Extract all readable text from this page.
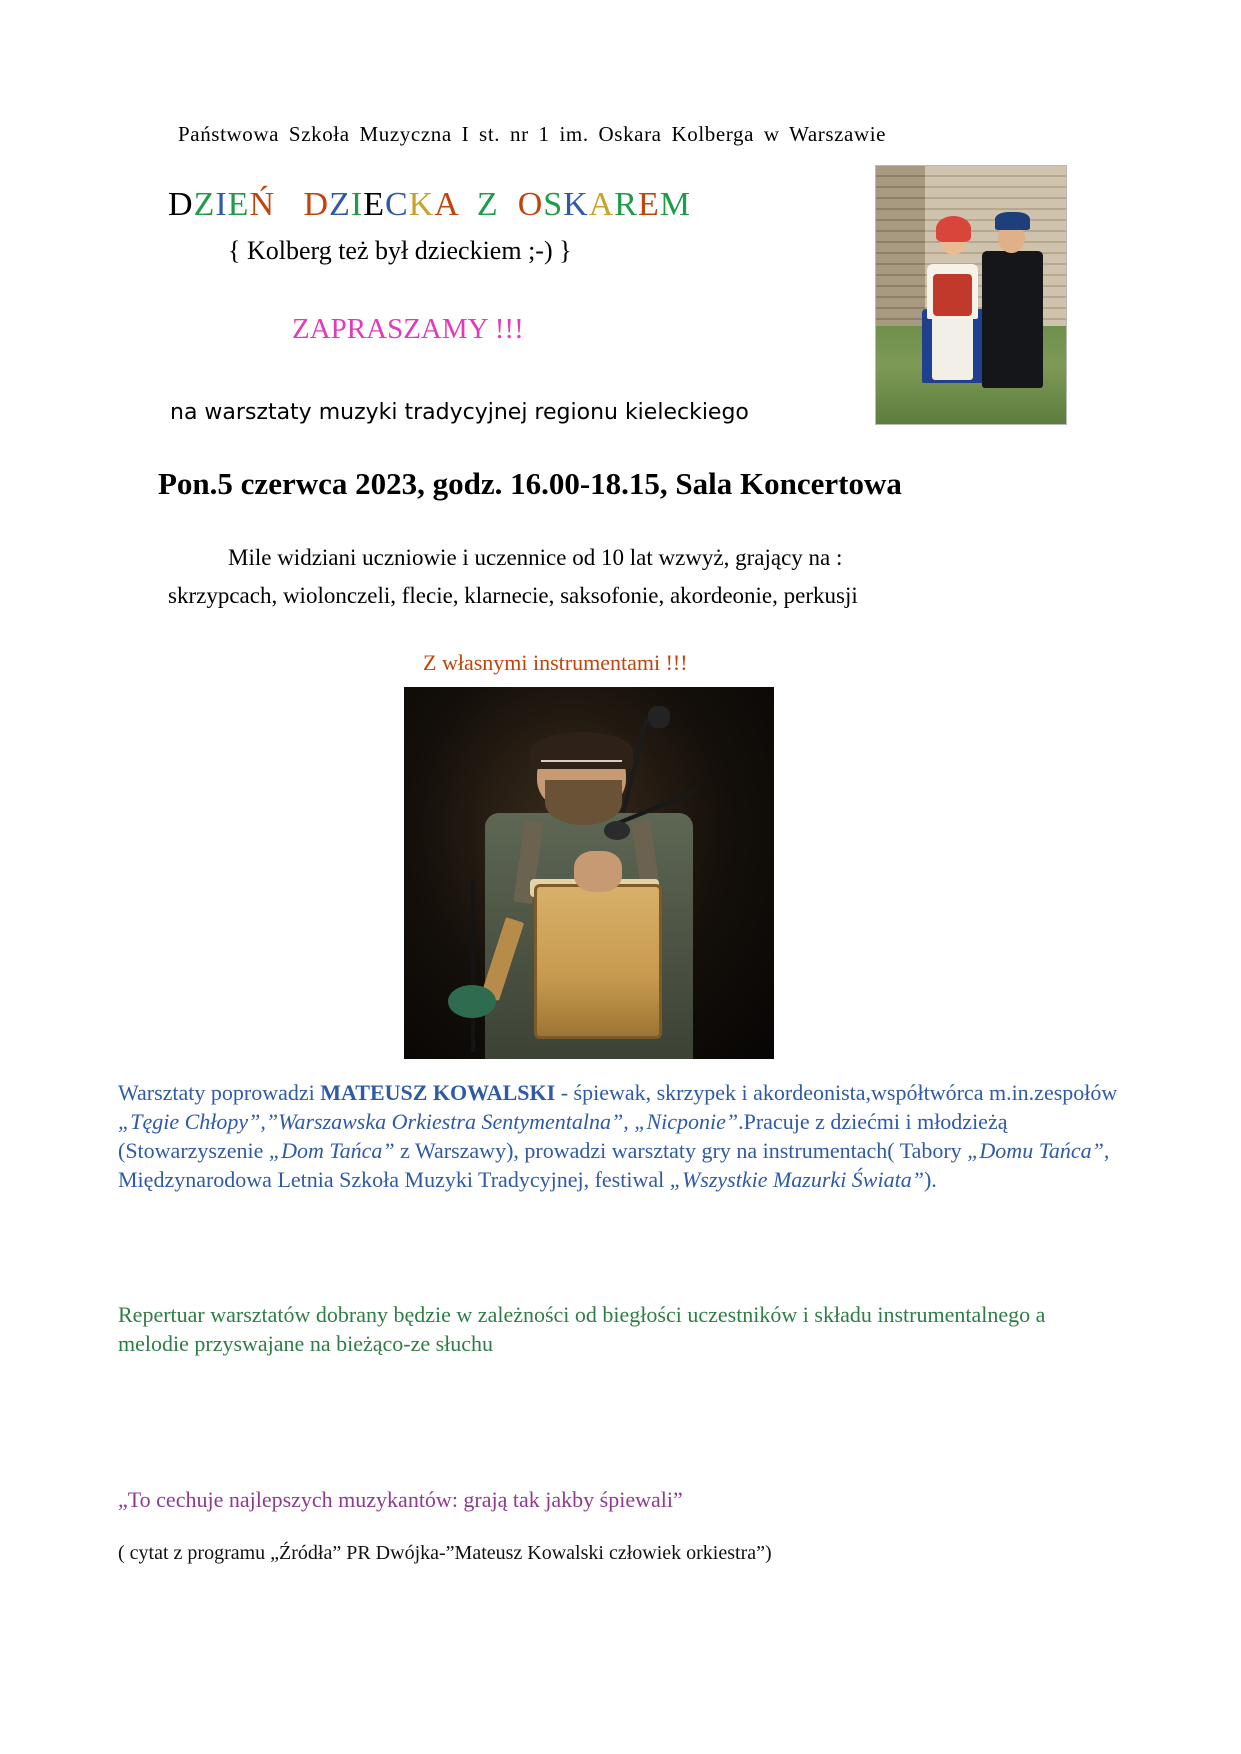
Państwowa Szkoła Muzyczna I st. nr 1 im. Oskara Kolberga w Warszawie
DZIEŃ DZIECKA Z OSKAREM
{ Kolberg też był dzieckiem ;-) }
ZAPRASZAMY !!!
na warsztaty muzyki tradycyjnej regionu kieleckiego
Pon.5 czerwca 2023, godz. 16.00-18.15, Sala Koncertowa
Mile widziani uczniowie i uczennice od 10 lat wzwyż, grający na :
skrzypcach, wiolonczeli, flecie, klarnecie, saksofonie, akordeonie, perkusji
Z własnymi instrumentami !!!
Warsztaty poprowadzi MATEUSZ KOWALSKI - śpiewak, skrzypek i akordeonista,współtwórca m.in.zespołów „Tęgie Chłopy”,”Warszawska Orkiestra Sentymentalna”, „Nicponie”.Pracuje z dziećmi i młodzieżą (Stowarzyszenie „Dom Tańca” z Warszawy), prowadzi warsztaty gry na instrumentach( Tabory „Domu Tańca”, Międzynarodowa Letnia Szkoła Muzyki Tradycyjnej, festiwal „Wszystkie Mazurki Świata”).
Repertuar warsztatów dobrany będzie w zależności od biegłości uczestników i składu instrumentalnego a melodie przyswajane na bieżąco-ze słuchu
„To cechuje najlepszych muzykantów: grają tak jakby śpiewali”
( cytat z programu „Źródła” PR Dwójka-”Mateusz Kowalski człowiek orkiestra”)
